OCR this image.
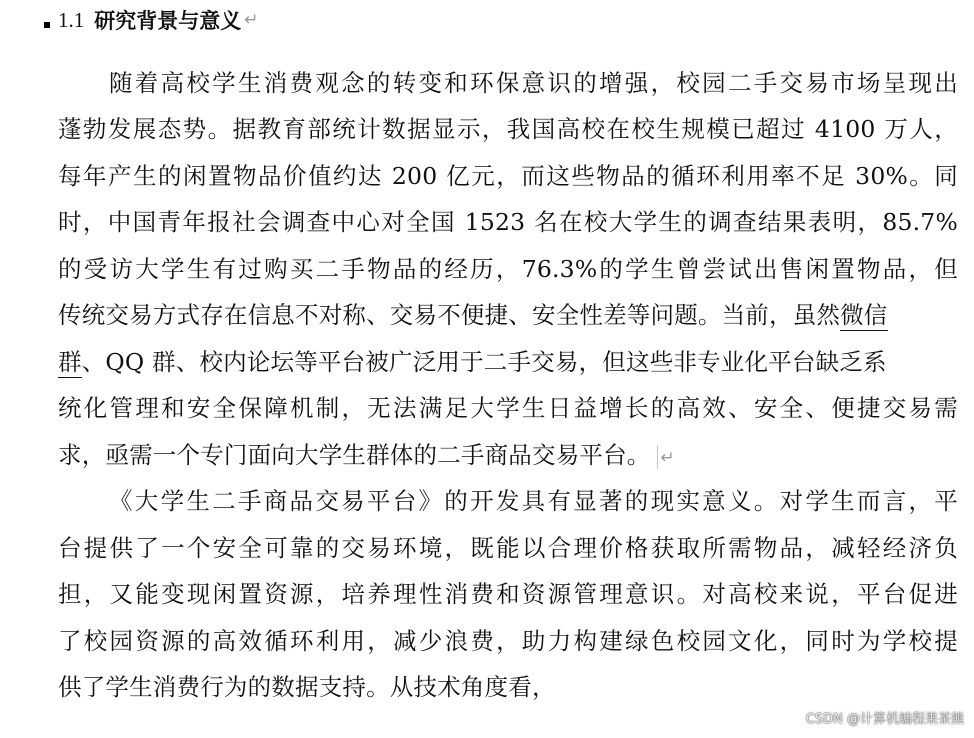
1.1 研究背景与意义 ↵
随着高校学生消费观念的转变和环保意识的增强，校园二手交易市场呈现出
蓬勃发展态势。据教育部统计数据显示，我国高校在校生规模已超过 4100 万人，
每年产生的闲置物品价值约达 200 亿元，而这些物品的循环利用率不足 30%。同
时，中国青年报社会调查中心对全国 1523 名在校大学生的调查结果表明，85.7%
的受访大学生有过购买二手物品的经历，76.3%的学生曾尝试出售闲置物品，但
传统交易方式存在信息不对称、交易不便捷、安全性差等问题。当前，虽然微信
群、QQ 群、校内论坛等平台被广泛用于二手交易，但这些非专业化平台缺乏系
统化管理和安全保障机制，无法满足大学生日益增长的高效、安全、便捷交易需
求，亟需一个专门面向大学生群体的二手商品交易平台。 ↵
《大学生二手商品交易平台》的开发具有显著的现实意义。对学生而言，平
台提供了一个安全可靠的交易环境，既能以合理价格获取所需物品，减轻经济负
担，又能变现闲置资源，培养理性消费和资源管理意识。对高校来说，平台促进
了校园资源的高效循环利用，减少浪费，助力构建绿色校园文化，同时为学校提
供了学生消费行为的数据支持。从技术角度看，
CSDN @计算机编程果茶熊
